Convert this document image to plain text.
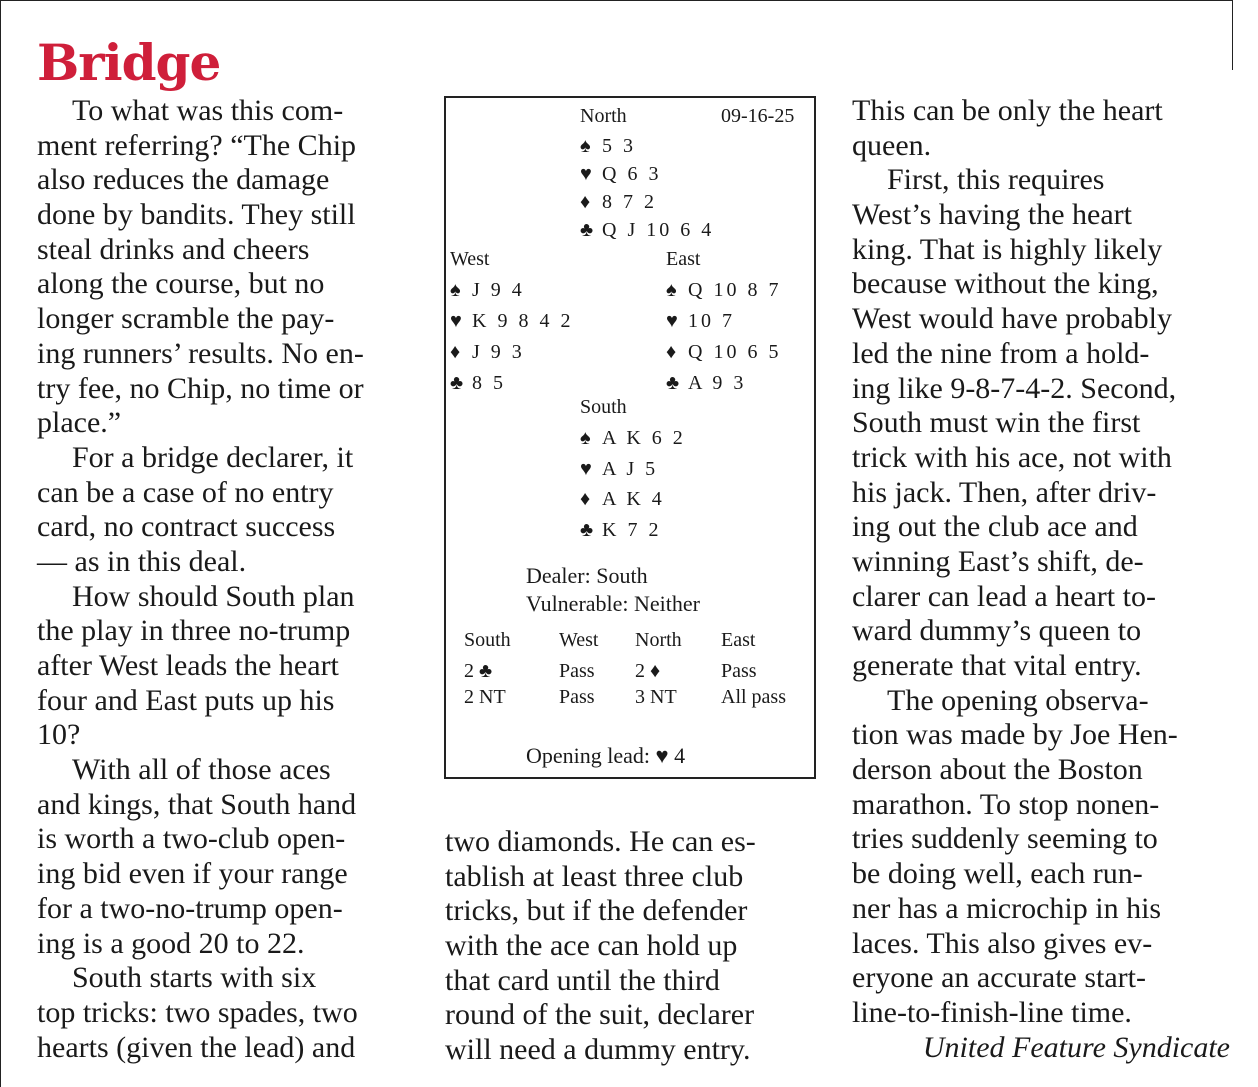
Bridge
To what was this com-
ment referring? “The Chip
also reduces the damage
done by bandits. They still
steal drinks and cheers
along the course, but no
longer scramble the pay-
ing runners’ results. No en-
try fee, no Chip, no time or
place.”
For a bridge declarer, it
can be a case of no entry
card, no contract success
— as in this deal.
How should South plan
the play in three no-trump
after West leads the heart
four and East puts up his
10?
With all of those aces
and kings, that South hand
is worth a two-club open-
ing bid even if your range
for a two-no-trump open-
ing is a good 20 to 22.
South starts with six
top tricks: two spades, two
hearts (given the lead) and
two diamonds. He can es-
tablish at least three club
tricks, but if the defender
with the ace can hold up
that card until the third
round of the suit, declarer
will need a dummy entry.
This can be only the heart
queen.
First, this requires
West’s having the heart
king. That is highly likely
because without the king,
West would have probably
led the nine from a hold-
ing like 9-8-7-4-2. Second,
South must win the first
trick with his ace, not with
his jack. Then, after driv-
ing out the club ace and
winning East’s shift, de-
clarer can lead a heart to-
ward dummy’s queen to
generate that vital entry.
The opening observa-
tion was made by Joe Hen-
derson about the Boston
marathon. To stop nonen-
tries suddenly seeming to
be doing well, each run-
ner has a microchip in his
laces. This also gives ev-
eryone an accurate start-
line-to-finish-line time.
United Feature Syndicate
North	09-16-25
♠ 5 3
♥ Q 6 3
♦ 8 7 2
♣ Q J 10 6 4
West
♠ J 9 4
♥ K 9 8 4 2
♦ J 9 3
♣ 8 5
East
♠ Q 10 8 7
♥ 10 7
♦ Q 10 6 5
♣ A 9 3
South
♠ A K 6 2
♥ A J 5
♦ A K 4
♣ K 7 2
Dealer: South
Vulnerable: Neither
South West North East
2 ♣	Pass 2 ♦	Pass
2 NT	Pass 3 NT All pass
Opening lead: ♥ 4
